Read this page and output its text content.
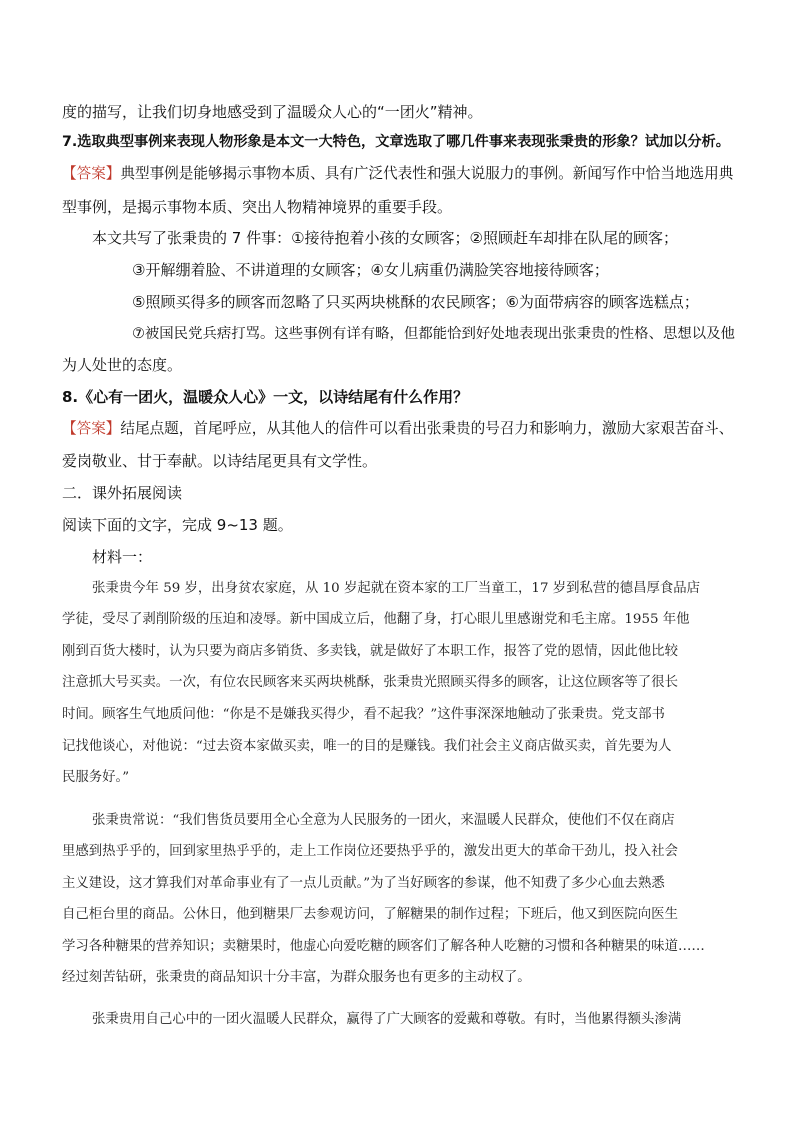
度的描写，让我们切身地感受到了温暖众人心的“一团火”精神。
7.选取典型事例来表现人物形象是本文一大特色，文章选取了哪几件事来表现张秉贵的形象？试加以分析。
【答案】典型事例是能够揭示事物本质、具有广泛代表性和强大说服力的事例。新闻写作中恰当地选用典
型事例，是揭示事物本质、突出人物精神境界的重要手段。
本文共写了张秉贵的 7 件事：①接待抱着小孩的女顾客；②照顾赶车却排在队尾的顾客；
③开解绷着脸、不讲道理的女顾客；④女儿病重仍满脸笑容地接待顾客；
⑤照顾买得多的顾客而忽略了只买两块桃酥的农民顾客；⑥为面带病容的顾客选糕点；
⑦被国民党兵痞打骂。这些事例有详有略，但都能恰到好处地表现出张秉贵的性格、思想以及他
为人处世的态度。
8.《心有一团火，温暖众人心》一文，以诗结尾有什么作用？
【答案】结尾点题，首尾呼应，从其他人的信件可以看出张秉贵的号召力和影响力，激励大家艰苦奋斗、
爱岗敬业、甘于奉献。以诗结尾更具有文学性。
二．课外拓展阅读
阅读下面的文字，完成 9~13 题。
材料一：
张秉贵今年 59 岁，出身贫农家庭，从 10 岁起就在资本家的工厂当童工，17 岁到私营的德昌厚食品店
学徒，受尽了剥削阶级的压迫和凌辱。新中国成立后，他翻了身，打心眼儿里感谢党和毛主席。1955 年他
刚到百货大楼时，认为只要为商店多销货、多卖钱，就是做好了本职工作，报答了党的恩情，因此他比较
注意抓大号买卖。一次，有位农民顾客来买两块桃酥，张秉贵光照顾买得多的顾客，让这位顾客等了很长
时间。顾客生气地质问他：“你是不是嫌我买得少，看不起我？”这件事深深地触动了张秉贵。党支部书
记找他谈心，对他说：“过去资本家做买卖，唯一的目的是赚钱。我们社会主义商店做买卖，首先要为人
民服务好。”
张秉贵常说：“我们售货员要用全心全意为人民服务的一团火，来温暖人民群众，使他们不仅在商店
里感到热乎乎的，回到家里热乎乎的，走上工作岗位还要热乎乎的，激发出更大的革命干劲儿，投入社会
主义建设，这才算我们对革命事业有了一点儿贡献。”为了当好顾客的参谋，他不知费了多少心血去熟悉
自己柜台里的商品。公休日，他到糖果厂去参观访问，了解糖果的制作过程；下班后，他又到医院向医生
学习各种糖果的营养知识；卖糖果时，他虚心向爱吃糖的顾客们了解各种人吃糖的习惯和各种糖果的味道……
经过刻苦钻研，张秉贵的商品知识十分丰富，为群众服务也有更多的主动权了。
张秉贵用自己心中的一团火温暖人民群众，赢得了广大顾客的爱戴和尊敬。有时，当他累得额头渗满
